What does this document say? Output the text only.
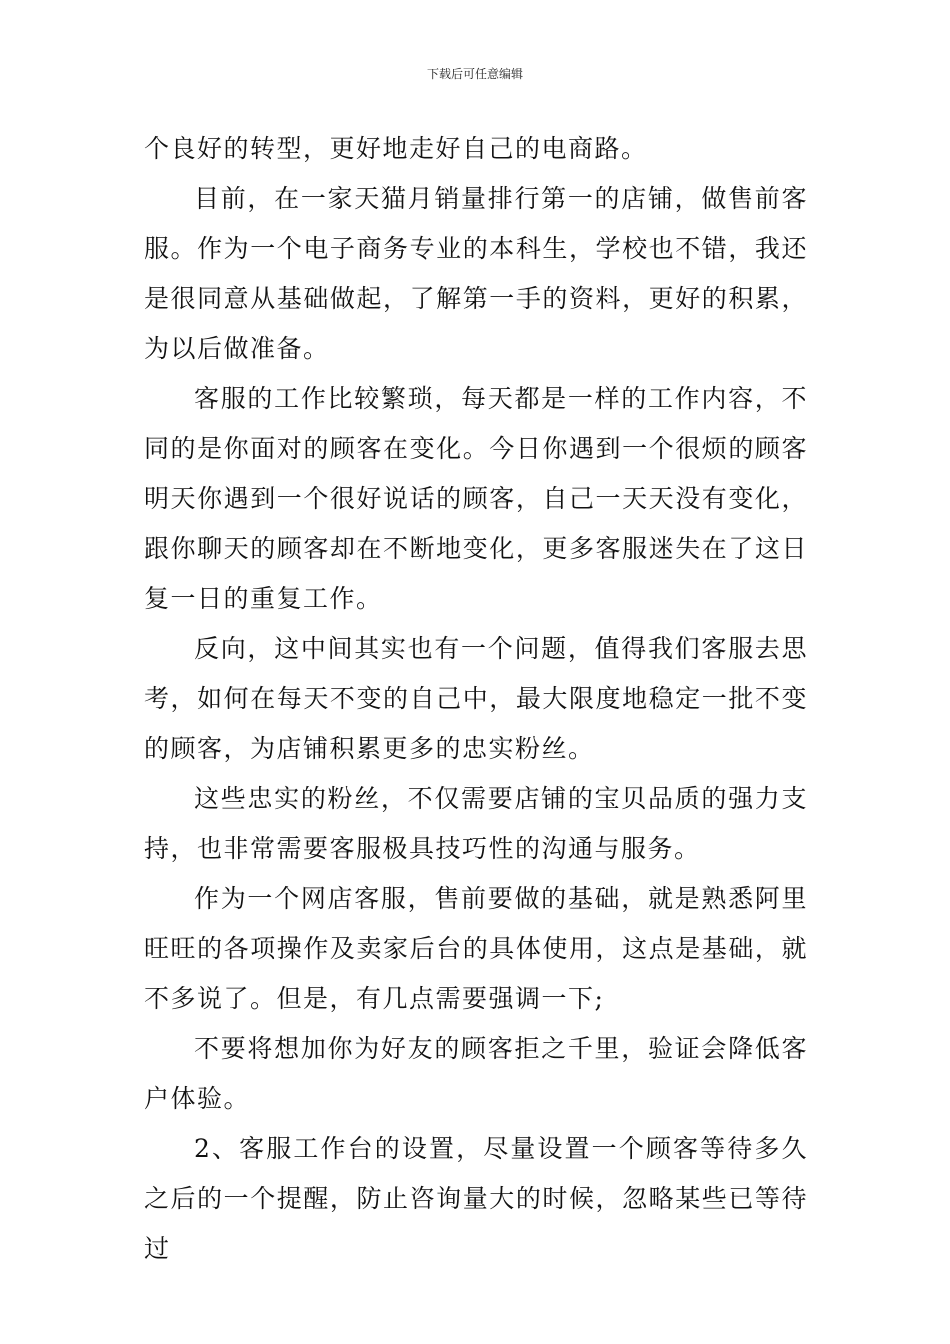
下载后可任意编辑

个良好的转型，更好地走好自己的电商路。

目前，在一家天猫月销量排行第一的店铺，做售前客服。作为一个电子商务专业的本科生，学校也不错，我还是很同意从基础做起，了解第一手的资料，更好的积累，为以后做准备。

客服的工作比较繁琐，每天都是一样的工作内容，不同的是你面对的顾客在变化。今日你遇到一个很烦的顾客明天你遇到一个很好说话的顾客，自己一天天没有变化，跟你聊天的顾客却在不断地变化，更多客服迷失在了这日复一日的重复工作。

反向，这中间其实也有一个问题，值得我们客服去思考，如何在每天不变的自己中，最大限度地稳定一批不变的顾客，为店铺积累更多的忠实粉丝。

这些忠实的粉丝，不仅需要店铺的宝贝品质的强力支持，也非常需要客服极具技巧性的沟通与服务。

作为一个网店客服，售前要做的基础，就是熟悉阿里旺旺的各项操作及卖家后台的具体使用，这点是基础，就不多说了。但是，有几点需要强调一下;

不要将想加你为好友的顾客拒之千里，验证会降低客户体验。

2、客服工作台的设置，尽量设置一个顾客等待多久之后的一个提醒，防止咨询量大的时候，忽略某些已等待过
